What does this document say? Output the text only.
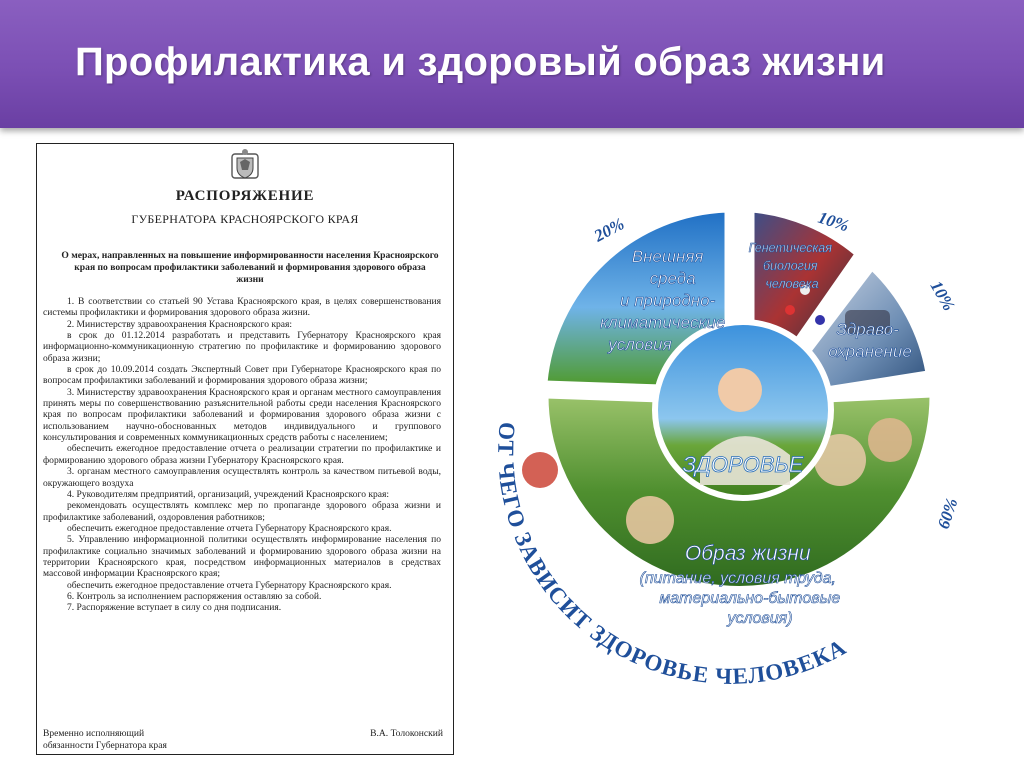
Профилактика и здоровый образ жизни
РАСПОРЯЖЕНИЕ
ГУБЕРНАТОРА КРАСНОЯРСКОГО КРАЯ
О мерах, направленных на повышение информированности населения Красноярского края по вопросам профилактики заболеваний и формирования здорового образа жизни

1. В соответствии со статьей 90 Устава Красноярского края, в целях совершенствования системы профилактики и формирования здорового образа жизни.

2. Министерству здравоохранения Красноярского края:

в срок до 01.12.2014 разработать и представить Губернатору Красноярского края информационно-коммуникационную стратегию по профилактике и формированию здорового образа жизни;

в срок до 10.09.2014 создать Экспертный Совет при Губернаторе Красноярского края по вопросам профилактики заболеваний и формирования здорового образа жизни;

3. Министерству здравоохранения Красноярского края и органам местного самоуправления принять меры по совершенствованию разъяснительной работы среди населения Красноярского края по вопросам профилактики заболеваний и формирования здорового образа жизни с использованием научно-обоснованных методов индивидуального и группового консультирования и современных коммуникационных средств работы с населением;

обеспечить ежегодное предоставление отчета о реализации стратегии по профилактике и формированию здорового образа жизни Губернатору Красноярского края.

3. органам местного самоуправления осуществлять контроль за качеством питьевой воды, окружающего воздуха

4. Руководителям предприятий, организаций, учреждений Красноярского края:

рекомендовать осуществлять комплекс мер по пропаганде здорового образа жизни и профилактике заболеваний, оздоровления работников;

обеспечить ежегодное предоставление отчета Губернатору Красноярского края.

5. Управлению информационной политики осуществлять информирование населения по профилактике социально значимых заболеваний и формированию здорового образа жизни на территории Красноярского края, посредством информационных материалов в средствах массовой информации Красноярского края;

обеспечить ежегодное предоставление отчета Губернатору Красноярского края.

6. Контроль за исполнением распоряжения оставляю за собой.

7. Распоряжение вступает в силу со дня подписания.

Временно исполняющий
обязанности Губернатора края
В.А. Толоконский
ЗДОРОВЬЕ
Внешняя среда и природно- климатические условия
Генетическая биология человека
Здраво- охранение
Образ жизни (питание, условия труда, материально-бытовые условия)
20%	10%
10%
60%
ОТ ЧЕГО ЗАВИСИТ ЗДОРОВЬЕ ЧЕЛОВЕКА
